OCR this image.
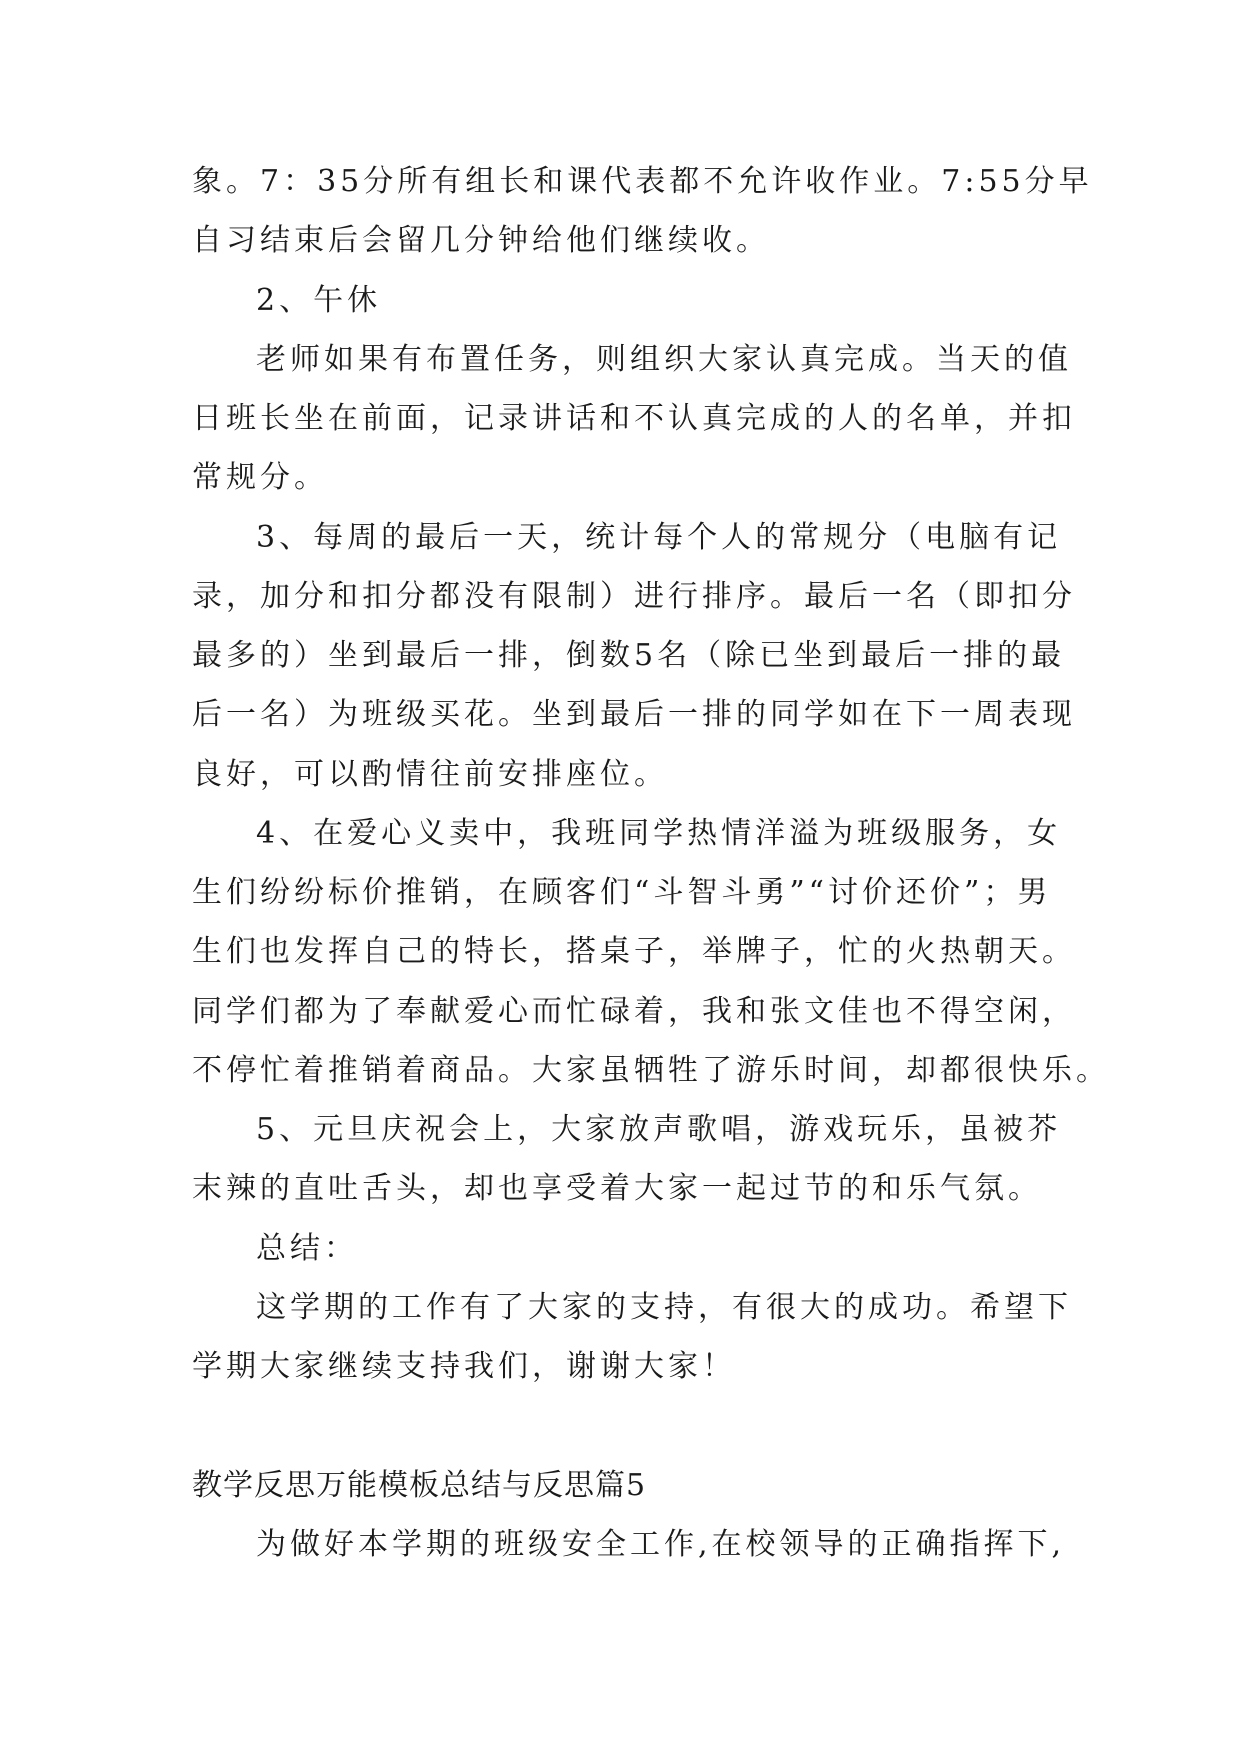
象。7：35分所有组长和课代表都不允许收作业。7:55分早

自习结束后会留几分钟给他们继续收。

2、午休

老师如果有布置任务，则组织大家认真完成。当天的值

日班长坐在前面，记录讲话和不认真完成的人的名单，并扣

常规分。

3、每周的最后一天，统计每个人的常规分（电脑有记

录，加分和扣分都没有限制）进行排序。最后一名（即扣分

最多的）坐到最后一排，倒数5名（除已坐到最后一排的最

后一名）为班级买花。坐到最后一排的同学如在下一周表现

良好，可以酌情往前安排座位。

4、在爱心义卖中，我班同学热情洋溢为班级服务，女

生们纷纷标价推销，在顾客们“斗智斗勇”“讨价还价”；男

生们也发挥自己的特长，搭桌子，举牌子，忙的火热朝天。

同学们都为了奉献爱心而忙碌着，我和张文佳也不得空闲，

不停忙着推销着商品。大家虽牺牲了游乐时间，却都很快乐。

5、元旦庆祝会上，大家放声歌唱，游戏玩乐，虽被芥

末辣的直吐舌头，却也享受着大家一起过节的和乐气氛。

总结：

这学期的工作有了大家的支持，有很大的成功。希望下

学期大家继续支持我们，谢谢大家！

教学反思万能模板总结与反思篇5

为做好本学期的班级安全工作,在校领导的正确指挥下,
